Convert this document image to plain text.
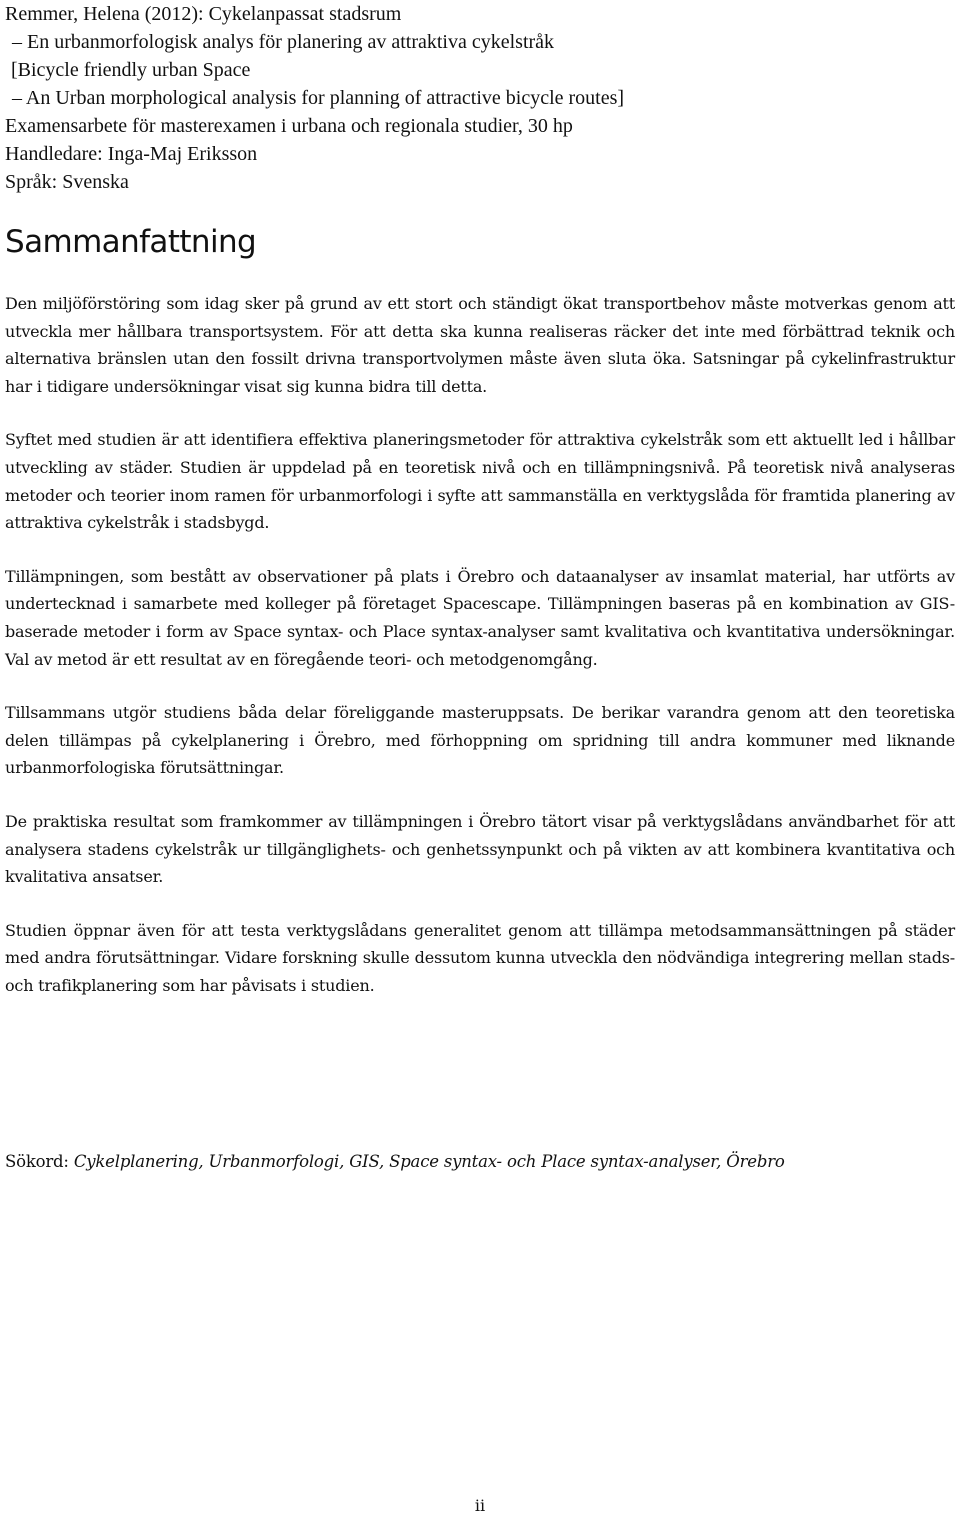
Remmer, Helena (2012): Cykelanpassat stadsrum
– En urbanmorfologisk analys för planering av attraktiva cykelstråk
[Bicycle friendly urban Space
– An Urban morphological analysis for planning of attractive bicycle routes]
Examensarbete för masterexamen i urbana och regionala studier, 30 hp
Handledare: Inga-Maj Eriksson
Språk: Svenska
Sammanfattning

Den miljöförstöring som idag sker på grund av ett stort och ständigt ökat transportbehov måste motverkas genom att utveckla mer hållbara transportsystem. För att detta ska kunna realiseras räcker det inte med förbättrad teknik och alternativa bränslen utan den fossilt drivna transportvolymen måste även sluta öka. Satsningar på cykelinfrastruktur har i tidigare undersökningar visat sig kunna bidra till detta.

Syftet med studien är att identifiera effektiva planeringsmetoder för attraktiva cykelstråk som ett aktuellt led i hållbar utveckling av städer. Studien är uppdelad på en teoretisk nivå och en tillämpningsnivå. På teoretisk nivå analyseras metoder och teorier inom ramen för urbanmorfologi i syfte att sammanställa en verktygslåda för framtida planering av attraktiva cykelstråk i stadsbygd.

Tillämpningen, som bestått av observationer på plats i Örebro och dataanalyser av insamlat material, har utförts av undertecknad i samarbete med kolleger på företaget Spacescape. Tillämpningen baseras på en kombination av GIS-baserade metoder i form av Space syntax- och Place syntax-analyser samt kvalitativa och kvantitativa undersökningar. Val av metod är ett resultat av en föregående teori- och metodgenomgång.

Tillsammans utgör studiens båda delar föreliggande masteruppsats. De berikar varandra genom att den teoretiska delen tillämpas på cykelplanering i Örebro, med förhoppning om spridning till andra kommuner med liknande urbanmorfologiska förutsättningar.

De praktiska resultat som framkommer av tillämpningen i Örebro tätort visar på verktygslådans användbarhet för att analysera stadens cykelstråk ur tillgänglighets- och genhetssynpunkt och på vikten av att kombinera kvantitativa och kvalitativa ansatser.

Studien öppnar även för att testa verktygslådans generalitet genom att tillämpa metodsammansättningen på städer med andra förutsättningar. Vidare forskning skulle dessutom kunna utveckla den nödvändiga integrering mellan stads- och trafikplanering som har påvisats i studien.

Sökord: Cykelplanering, Urbanmorfologi, GIS, Space syntax- och Place syntax-analyser, Örebro
ii
